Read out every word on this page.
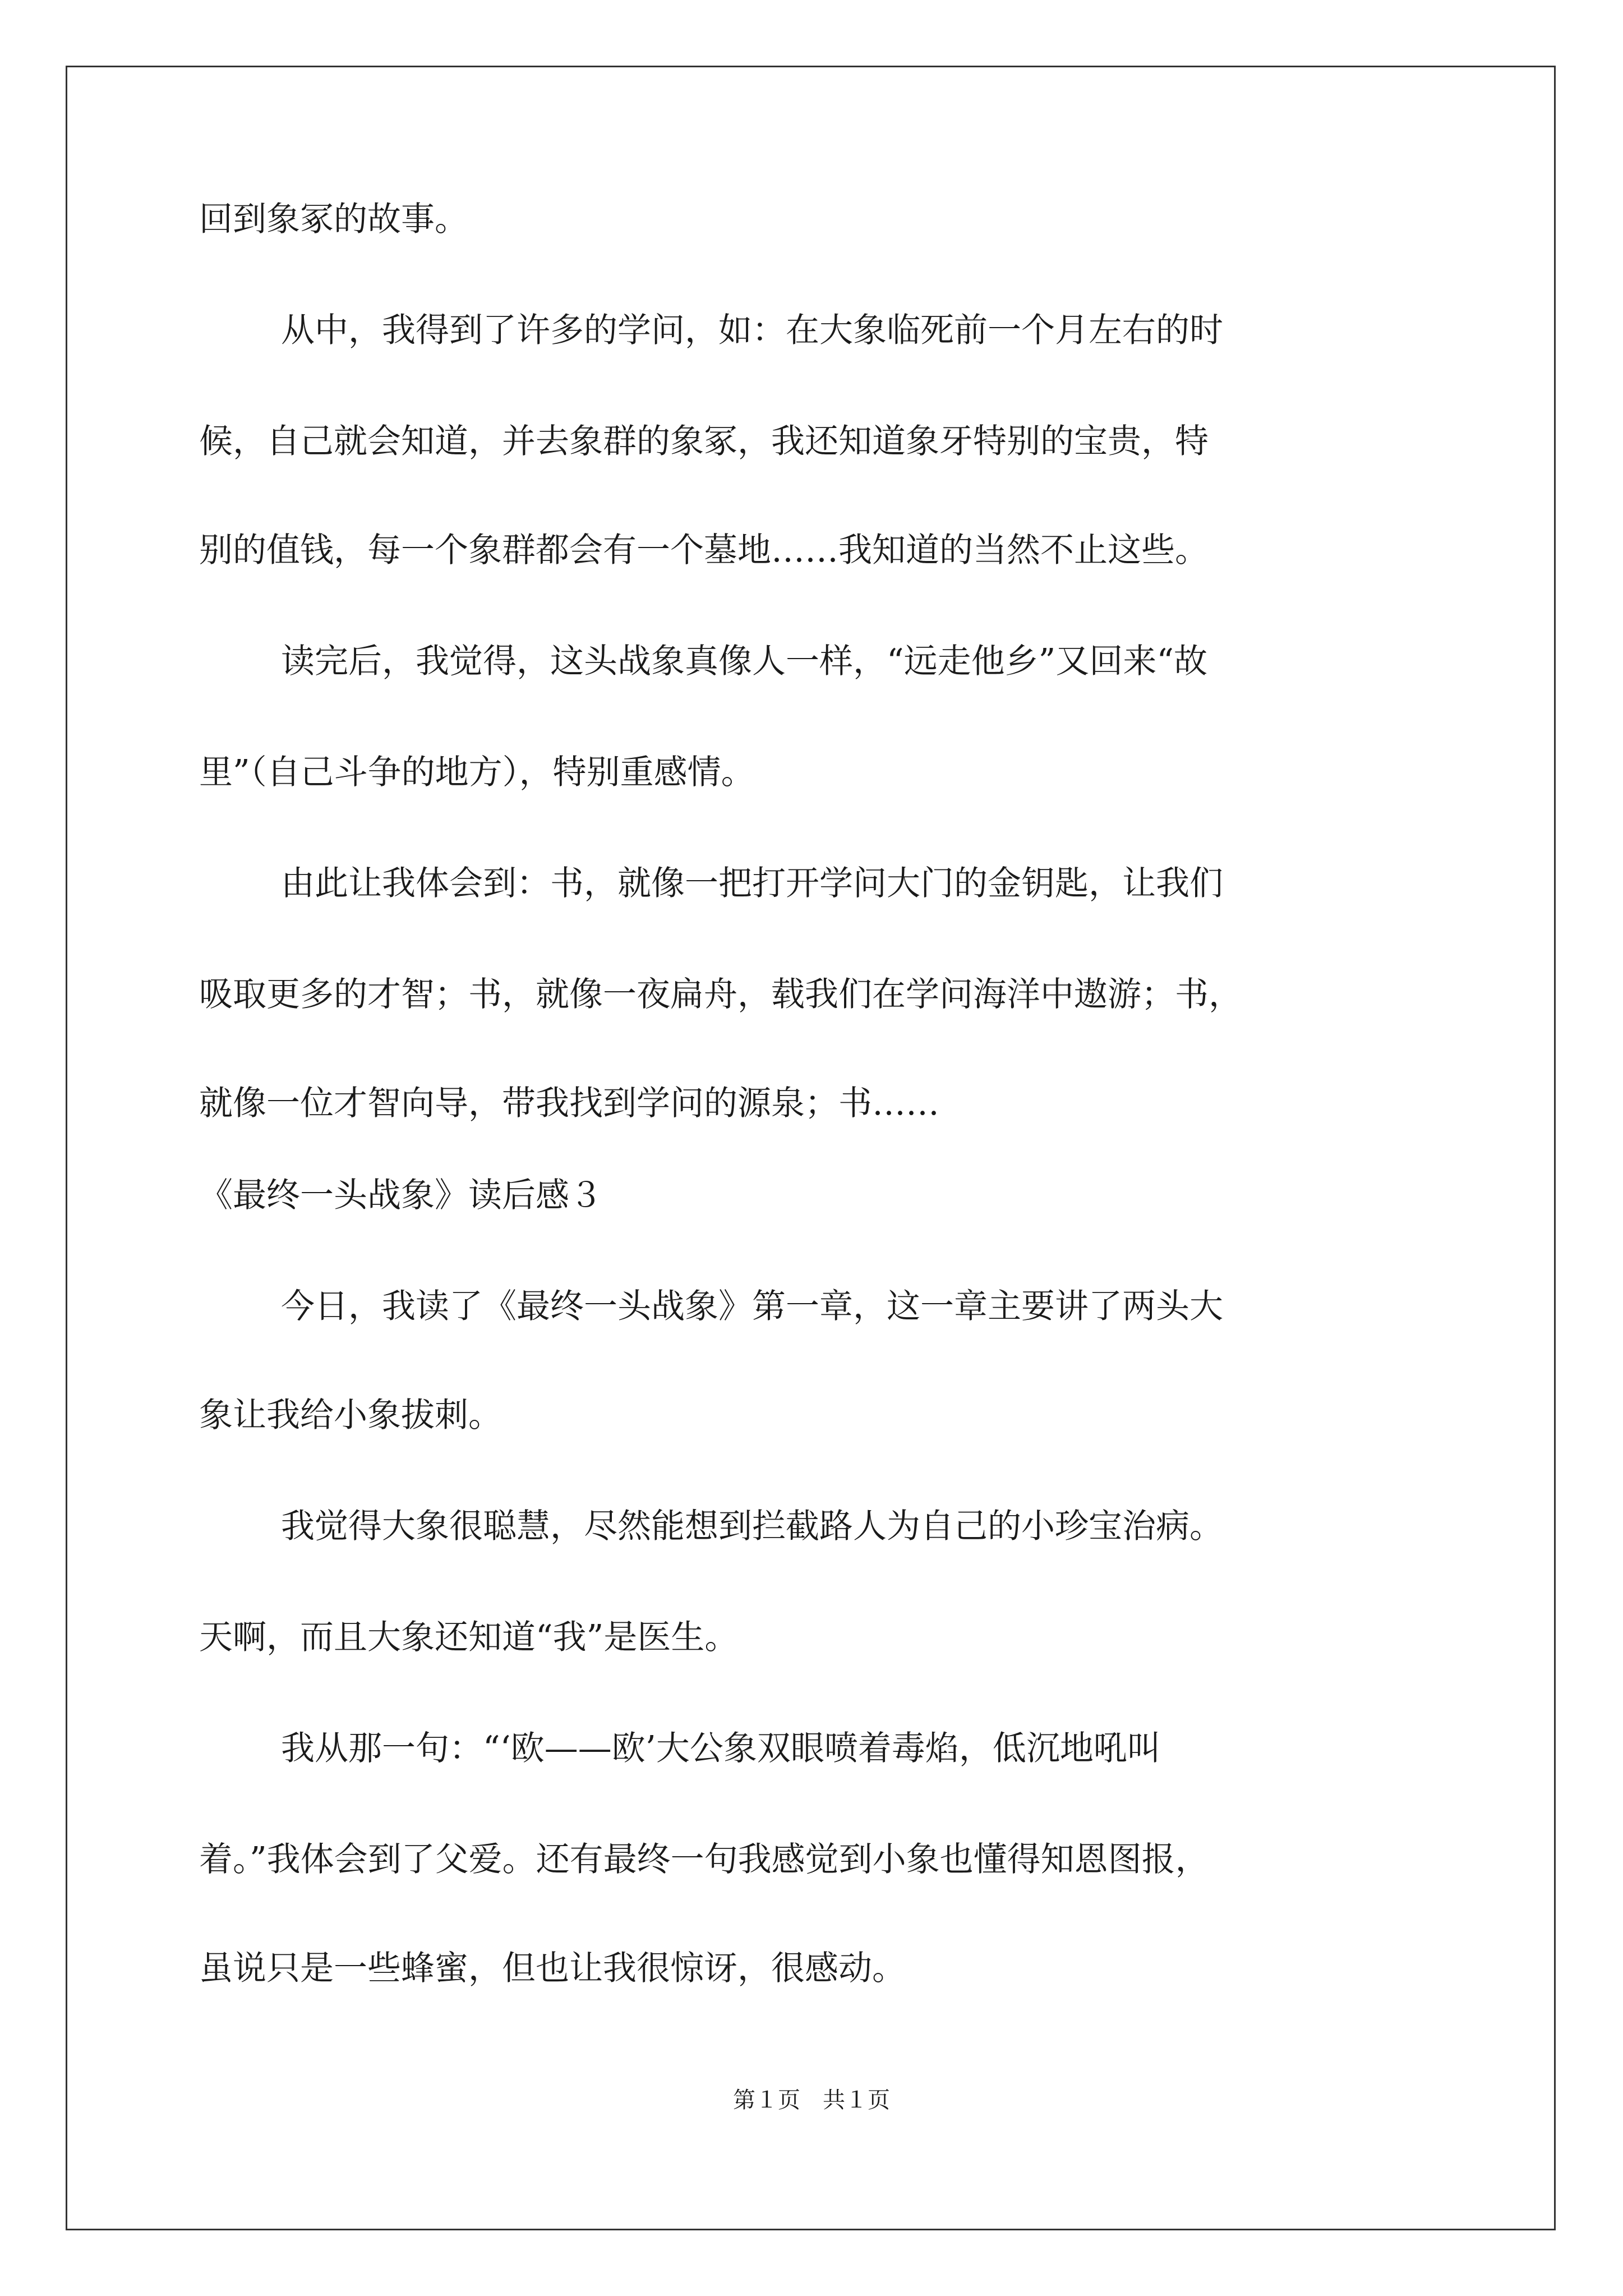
回到象冢的故事。
从中，我得到了许多的学问，如：在大象临死前一个月左右的时
候，自己就会知道，并去象群的象冢，我还知道象牙特别的宝贵，特
别的值钱，每一个象群都会有一个墓地……我知道的当然不止这些。
读完后，我觉得，这头战象真像人一样，“远走他乡”又回来“故
里”（自己斗争的地方），特别重感情。
由此让我体会到：书，就像一把打开学问大门的金钥匙，让我们
吸取更多的才智；书，就像一夜扁舟，载我们在学问海洋中遨游；书，
就像一位才智向导，带我找到学问的源泉；书……
《最终一头战象》读后感３
今日，我读了《最终一头战象》第一章，这一章主要讲了两头大
象让我给小象拔刺。
我觉得大象很聪慧，尽然能想到拦截路人为自己的小珍宝治病。
天啊，而且大象还知道“我”是医生。
我从那一句：“‘欧——欧’大公象双眼喷着毒焰，低沉地吼叫
着。”我体会到了父爱。还有最终一句我感觉到小象也懂得知恩图报，
虽说只是一些蜂蜜，但也让我很惊讶，很感动。
第１页　共１页
